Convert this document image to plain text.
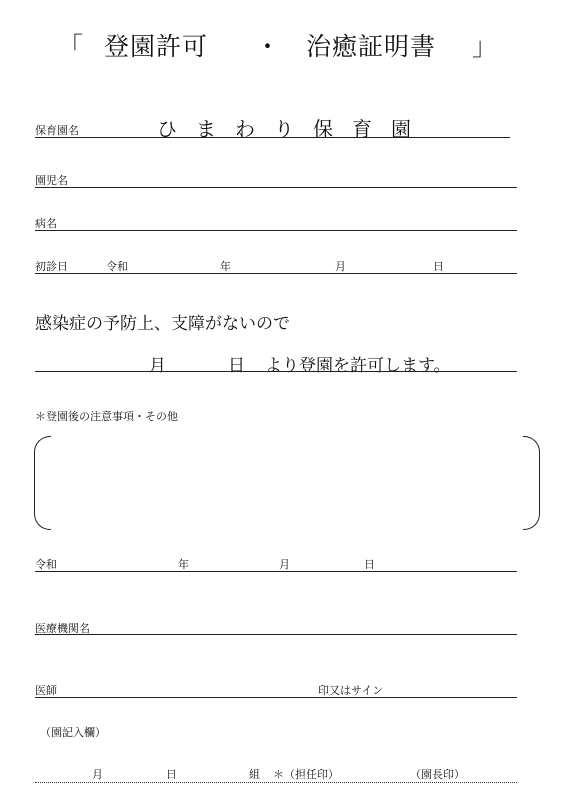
「 登園許可 ・ 治癒証明書 」
保育園名	ひまわり保育園
園児名
病名
初診日	令和	年	月	日
感染症の予防上、支障がないので
月	日 より登園を許可します。
＊登園後の注意事項・その他
令和	年	月	日
医療機関名
医師	印又はサイン
（園記入欄）
月	日	組 ＊（担任印）	（園長印）
